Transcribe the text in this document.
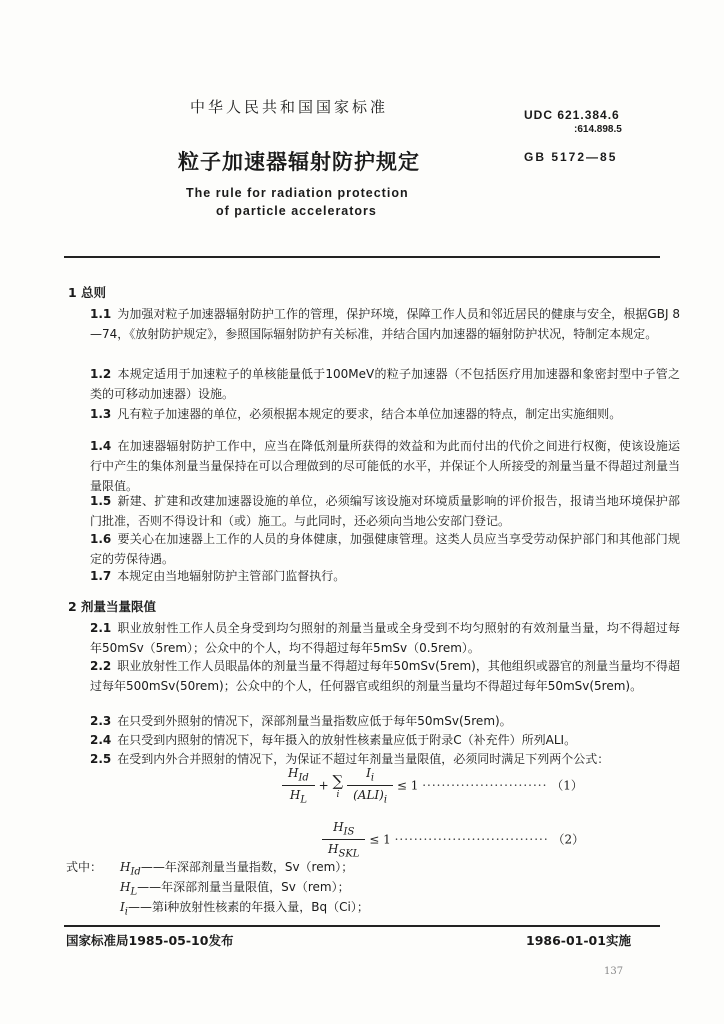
中华人民共和国国家标准	UDC 621.384.6
:614.898.5
粒子加速器辐射防护规定	GB 5172—85
The rule for radiation protection
of particle accelerators
1 总则
1.1 为加强对粒子加速器辐射防护工作的管理，保护环境，保障工作人员和邻近居民的健康与安全，根据GBJ 8—74，《放射防护规定》，参照国际辐射防护有关标准，并结合国内加速器的辐射防护状况，特制定本规定。
1.2 本规定适用于加速粒子的单核能量低于100MeV的粒子加速器（不包括医疗用加速器和象密封型中子管之类的可移动加速器）设施。
1.3 凡有粒子加速器的单位，必须根据本规定的要求，结合本单位加速器的特点，制定出实施细则。
1.4 在加速器辐射防护工作中，应当在降低剂量所获得的效益和为此而付出的代价之间进行权衡，使该设施运行中产生的集体剂量当量保持在可以合理做到的尽可能低的水平，并保证个人所接受的剂量当量不得超过剂量当量限值。
1.5 新建、扩建和改建加速器设施的单位，必须编写该设施对环境质量影响的评价报告，报请当地环境保护部门批准，否则不得设计和（或）施工。与此同时，还必须向当地公安部门登记。
1.6 要关心在加速器上工作的人员的身体健康，加强健康管理。这类人员应当享受劳动保护部门和其他部门规定的劳保待遇。
1.7 本规定由当地辐射防护主管部门监督执行。
2 剂量当量限值
2.1 职业放射性工作人员全身受到均匀照射的剂量当量或全身受到不均匀照射的有效剂量当量，均不得超过每年50mSv（5rem）；公众中的个人，均不得超过每年5mSv（0.5rem）。
2.2 职业放射性工作人员眼晶体的剂量当量不得超过每年50mSv(5rem)，其他组织或器官的剂量当量均不得超过每年500mSv(50rem)；公众中的个人，任何器官或组织的剂量当量均不得超过每年50mSv(5rem)。
2.3 在只受到外照射的情况下，深部剂量当量指数应低于每年50mSv(5rem)。
2.4 在只受到内照射的情况下，每年摄入的放射性核素量应低于附录C（补充件）所列ALI。
2.5 在受到内外合并照射的情况下，为保证不超过年剂量当量限值，必须同时满足下列两个公式：
$\frac{H_{Id}}{H_L}$ + ∑
i
$\frac{I_i}{(ALI)_i} \le 1$ ·························· （1）
$\frac{H_{IS}}{H_{SKL}} \le 1$ ································ （2）
式中： $H_{Id}——$年深部剂量当量指数，Sv（rem）；
$H_L——$年深部剂量当量限值，Sv（rem）；
$I_i——$第i种放射性核素的年摄入量，Bq（Ci）；
国家标准局1985-05-10发布	1986-01-01实施
137
